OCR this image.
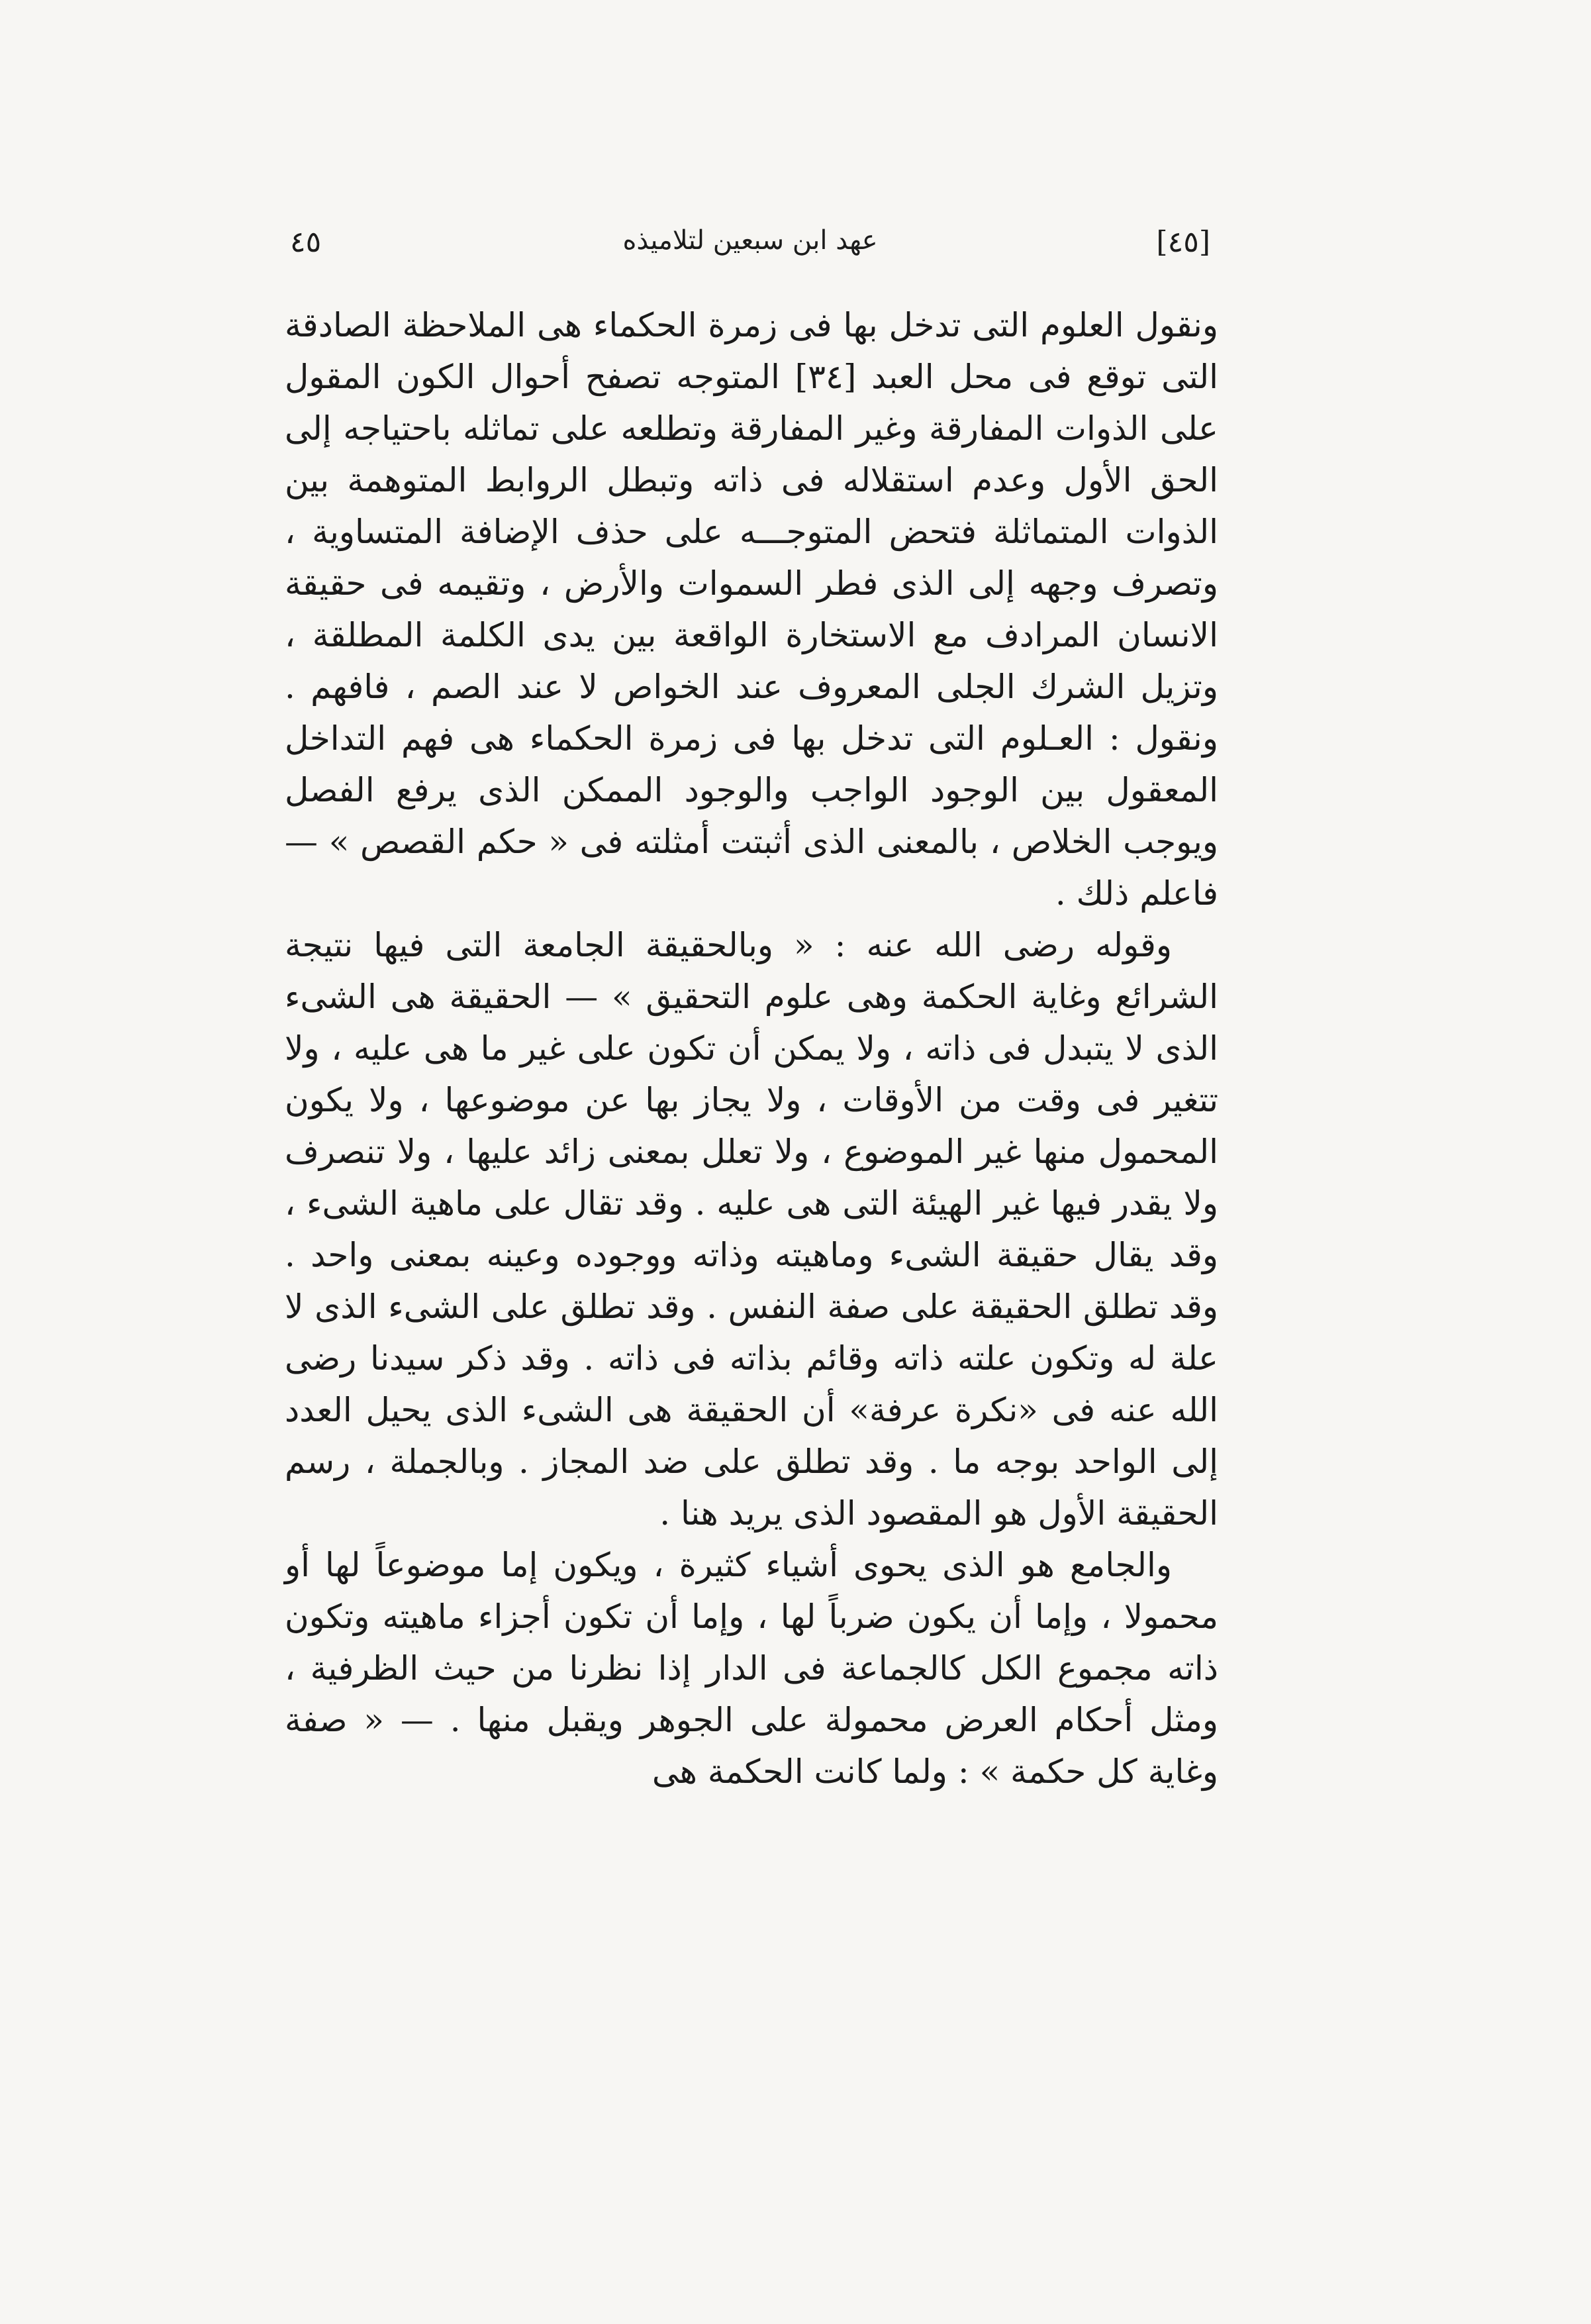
[٤٥]
عهد ابن سبعين لتلاميذه
٤٥

ونقول العلوم التى تدخل بها فى زمرة الحكماء هى الملاحظة الصادقة التى توقع فى محل العبد [٣٤] المتوجه تصفح أحوال الكون المقول على الذوات المفارقة وغير المفارقة وتطلعه على تماثله باحتياجه إلى الحق الأول وعدم استقلاله فى ذاته وتبطل الروابط المتوهمة بين الذوات المتماثلة فتحض المتوجـــه على حذف الإضافة المتساوية ، وتصرف وجهه إلى الذى فطر السموات والأرض ، وتقيمه فى حقيقة الانسان المرادف مع الاستخارة الواقعة بين يدى الكلمة المطلقة ، وتزيل الشرك الجلى المعروف عند الخواص لا عند الصم ، فافهم . ونقول : العـلوم التى تدخل بها فى زمرة الحكماء هى فهم التداخل المعقول بين الوجود الواجب والوجود الممكن الذى يرفع الفصل ويوجب الخلاص ، بالمعنى الذى أثبتت أمثلته فى « حكم القصص » — فاعلم ذلك .

وقوله رضى الله عنه : « وبالحقيقة الجامعة التى فيها نتيجة الشرائع وغاية الحكمة وهى علوم التحقيق » — الحقيقة هى الشىء الذى لا يتبدل فى ذاته ، ولا يمكن أن تكون على غير ما هى عليه ، ولا تتغير فى وقت من الأوقات ، ولا يجاز بها عن موضوعها ، ولا يكون المحمول منها غير الموضوع ، ولا تعلل بمعنى زائد عليها ، ولا تنصرف ولا يقدر فيها غير الهيئة التى هى عليه . وقد تقال على ماهية الشىء ، وقد يقال حقيقة الشىء وماهيته وذاته ووجوده وعينه بمعنى واحد . وقد تطلق الحقيقة على صفة النفس . وقد تطلق على الشىء الذى لا علة له وتكون علته ذاته وقائم بذاته فى ذاته . وقد ذكر سيدنا رضى الله عنه فى «نكرة عرفة» أن الحقيقة هى الشىء الذى يحيل العدد إلى الواحد بوجه ما . وقد تطلق على ضد المجاز . وبالجملة ، رسم الحقيقة الأول هو المقصود الذى يريد هنا .

والجامع هو الذى يحوى أشياء كثيرة ، ويكون إما موضوعاً لها أو محمولا ، وإما أن يكون ضرباً لها ، وإما أن تكون أجزاء ماهيته وتكون ذاته مجموع الكل كالجماعة فى الدار إذا نظرنا من حيث الظرفية ، ومثل أحكام العرض محمولة على الجوهر ويقبل منها . — « صفة وغاية كل حكمة » : ولما كانت الحكمة هى
